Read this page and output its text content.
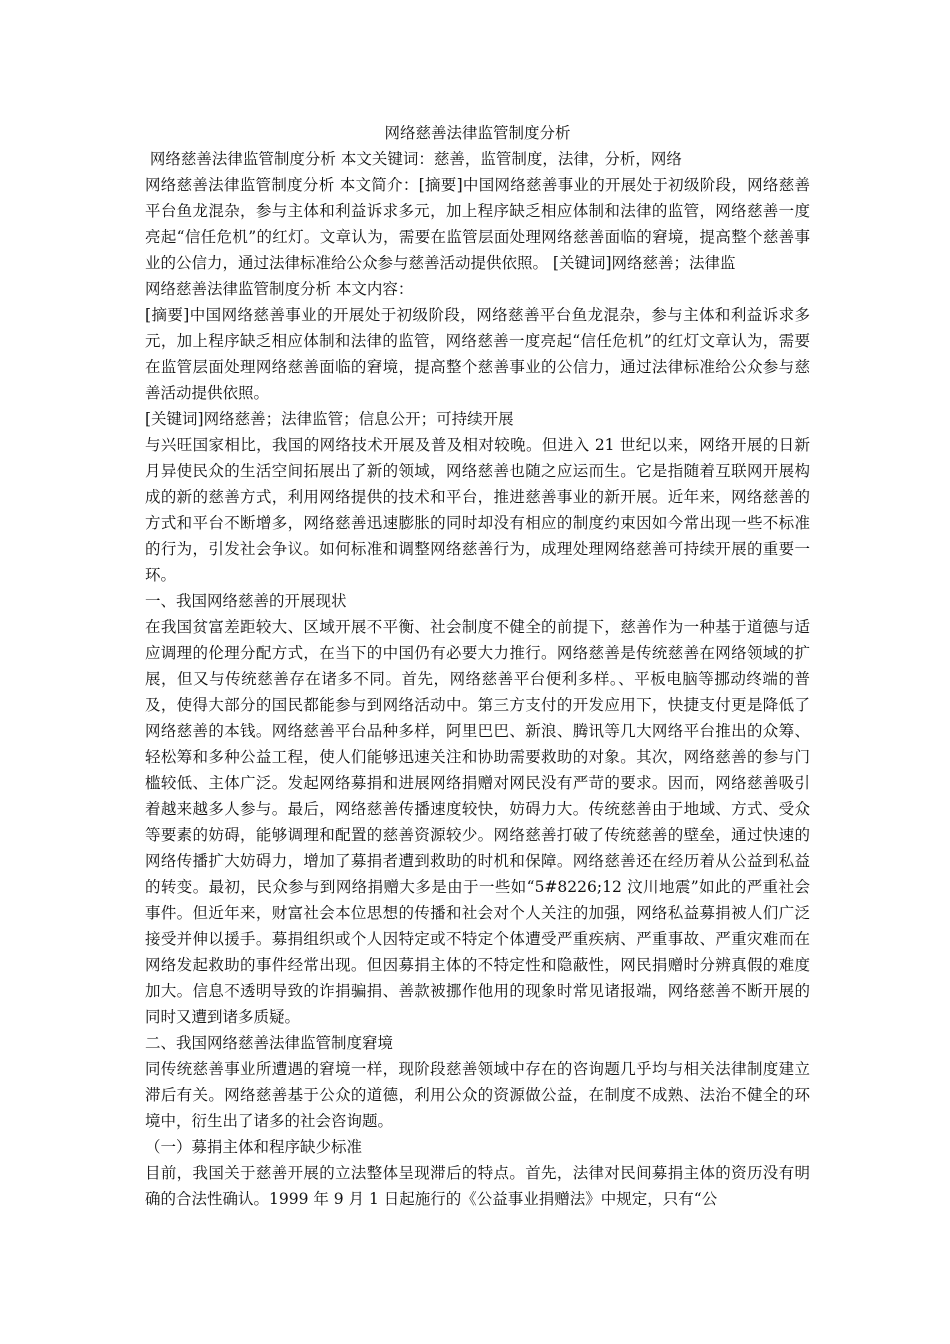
网络慈善法律监管制度分析

网络慈善法律监管制度分析 本文关键词：慈善，监管制度，法律，分析，网络

网络慈善法律监管制度分析 本文简介：[摘要]中国网络慈善事业的开展处于初级阶段，网络慈善平台鱼龙混杂，参与主体和利益诉求多元，加上程序缺乏相应体制和法律的监管，网络慈善一度亮起“信任危机”的红灯。文章认为，需要在监管层面处理网络慈善面临的窘境，提高整个慈善事业的公信力，通过法律标准给公众参与慈善活动提供依照。 [关键词]网络慈善；法律监

网络慈善法律监管制度分析 本文内容：

[摘要]中国网络慈善事业的开展处于初级阶段，网络慈善平台鱼龙混杂，参与主体和利益诉求多元，加上程序缺乏相应体制和法律的监管，网络慈善一度亮起“信任危机”的红灯文章认为，需要在监管层面处理网络慈善面临的窘境，提高整个慈善事业的公信力，通过法律标准给公众参与慈善活动提供依照。

[关键词]网络慈善；法律监管；信息公开；可持续开展

与兴旺国家相比，我国的网络技术开展及普及相对较晚。但进入 21 世纪以来，网络开展的日新月异使民众的生活空间拓展出了新的领域，网络慈善也随之应运而生。它是指随着互联网开展构成的新的慈善方式，利用网络提供的技术和平台，推进慈善事业的新开展。近年来，网络慈善的方式和平台不断增多，网络慈善迅速膨胀的同时却没有相应的制度约束因如今常出现一些不标准的行为，引发社会争议。如何标准和调整网络慈善行为，成理处理网络慈善可持续开展的重要一环。

一、我国网络慈善的开展现状

在我国贫富差距较大、区域开展不平衡、社会制度不健全的前提下，慈善作为一种基于道德与适应调理的伦理分配方式，在当下的中国仍有必要大力推行。网络慈善是传统慈善在网络领域的扩展，但又与传统慈善存在诸多不同。首先，网络慈善平台便利多样。、平板电脑等挪动终端的普及，使得大部分的国民都能参与到网络活动中。第三方支付的开发应用下，快捷支付更是降低了网络慈善的本钱。网络慈善平台品种多样，阿里巴巴、新浪、腾讯等几大网络平台推出的众筹、轻松筹和多种公益工程，使人们能够迅速关注和协助需要救助的对象。其次，网络慈善的参与门槛较低、主体广泛。发起网络募捐和进展网络捐赠对网民没有严苛的要求。因而，网络慈善吸引着越来越多人参与。最后，网络慈善传播速度较快，妨碍力大。传统慈善由于地域、方式、受众等要素的妨碍，能够调理和配置的慈善资源较少。网络慈善打破了传统慈善的壁垒，通过快速的网络传播扩大妨碍力，增加了募捐者遭到救助的时机和保障。网络慈善还在经历着从公益到私益的转变。最初，民众参与到网络捐赠大多是由于一些如“5#8226;12 汶川地震”如此的严重社会事件。但近年来，财富社会本位思想的传播和社会对个人关注的加强，网络私益募捐被人们广泛接受并伸以援手。募捐组织或个人因特定或不特定个体遭受严重疾病、严重事故、严重灾难而在网络发起救助的事件经常出现。但因募捐主体的不特定性和隐蔽性，网民捐赠时分辨真假的难度加大。信息不透明导致的诈捐骗捐、善款被挪作他用的现象时常见诸报端，网络慈善不断开展的同时又遭到诸多质疑。

二、我国网络慈善法律监管制度窘境

同传统慈善事业所遭遇的窘境一样，现阶段慈善领域中存在的咨询题几乎均与相关法律制度建立滞后有关。网络慈善基于公众的道德，利用公众的资源做公益，在制度不成熟、法治不健全的环境中，衍生出了诸多的社会咨询题。

（一）募捐主体和程序缺少标准

目前，我国关于慈善开展的立法整体呈现滞后的特点。首先，法律对民间募捐主体的资历没有明确的合法性确认。1999 年 9 月 1 日起施行的《公益事业捐赠法》中规定，只有“公
